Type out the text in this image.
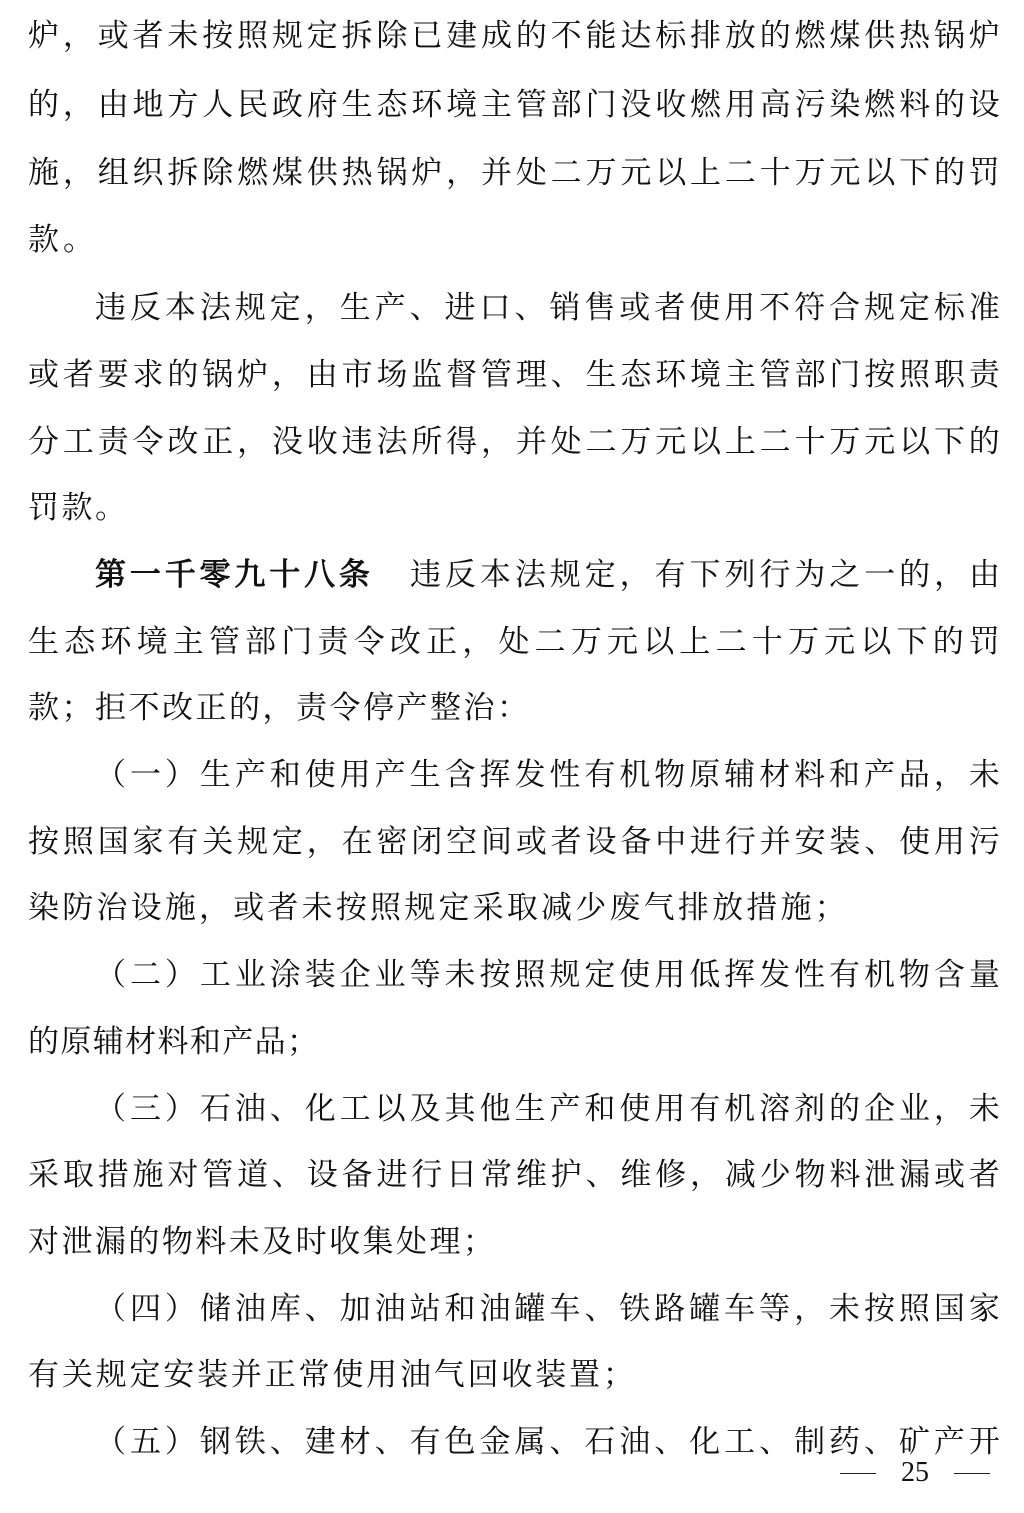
炉 ， 或 者 未 按 照 规 定 拆 除 已 建 成 的 不 能 达 标 排 放 的 燃 煤 供 热 锅 炉
的 ， 由 地 方 人 民 政 府 生 态 环 境 主 管 部 门 没 收 燃 用 高 污 染 燃 料 的 设
施 ， 组 织 拆 除 燃 煤 供 热 锅 炉 ， 并 处 二 万 元 以 上 二 十 万 元 以 下 的 罚
款 。
违 反 本 法 规 定 ， 生 产 、 进 口 、 销 售 或 者 使 用 不 符 合 规 定 标 准
或 者 要 求 的 锅 炉 ， 由 市 场 监 督 管 理 、 生 态 环 境 主 管 部 门 按 照 职 责
分 工 责 令 改 正 ， 没 收 违 法 所 得 ， 并 处 二 万 元 以 上 二 十 万 元 以 下 的
罚 款 。
第 一 千 零 九 十 八 条 违 反 本 法 规 定 ， 有 下 列 行 为 之 一 的 ， 由
生 态 环 境 主 管 部 门 责 令 改 正 ， 处 二 万 元 以 上 二 十 万 元 以 下 的 罚
款 ； 拒 不 改 正 的 ， 责 令 停 产 整 治 ：
（ 一 ） 生 产 和 使 用 产 生 含 挥 发 性 有 机 物 原 辅 材 料 和 产 品 ， 未
按 照 国 家 有 关 规 定 ， 在 密 闭 空 间 或 者 设 备 中 进 行 并 安 装 、 使 用 污
染 防 治 设 施 ， 或 者 未 按 照 规 定 采 取 减 少 废 气 排 放 措 施 ；
（ 二 ） 工 业 涂 装 企 业 等 未 按 照 规 定 使 用 低 挥 发 性 有 机 物 含 量
的 原 辅 材 料 和 产 品 ；
（ 三 ） 石 油 、 化 工 以 及 其 他 生 产 和 使 用 有 机 溶 剂 的 企 业 ， 未
采 取 措 施 对 管 道 、 设 备 进 行 日 常 维 护 、 维 修 ， 减 少 物 料 泄 漏 或 者
对 泄 漏 的 物 料 未 及 时 收 集 处 理 ；
（ 四 ） 储 油 库 、 加 油 站 和 油 罐 车 、 铁 路 罐 车 等 ， 未 按 照 国 家
有 关 规 定 安 装 并 正 常 使 用 油 气 回 收 装 置 ；
（ 五 ） 钢 铁 、 建 材 、 有 色 金 属 、 石 油 、 化 工 、 制 药 、 矿 产 开
25
